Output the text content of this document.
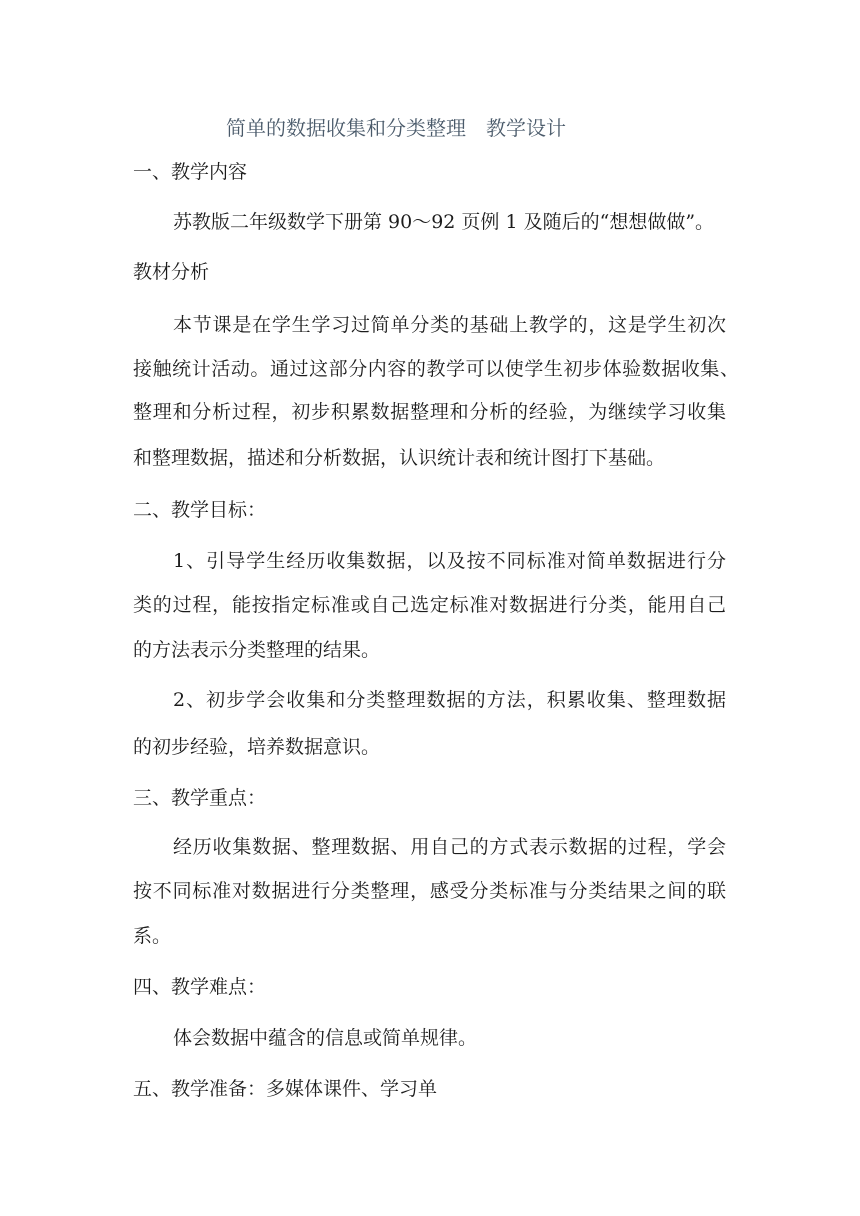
简单的数据收集和分类整理　教学设计
一、教学内容
苏教版二年级数学下册第 90～92 页例 1 及随后的“想想做做”。
教材分析
本节课是在学生学习过简单分类的基础上教学的，这是学生初次
接触统计活动。通过这部分内容的教学可以使学生初步体验数据收集、
整理和分析过程，初步积累数据整理和分析的经验，为继续学习收集
和整理数据，描述和分析数据，认识统计表和统计图打下基础。
二、教学目标：
1、引导学生经历收集数据，以及按不同标准对简单数据进行分
类的过程，能按指定标准或自己选定标准对数据进行分类，能用自己
的方法表示分类整理的结果。
2、初步学会收集和分类整理数据的方法，积累收集、整理数据
的初步经验，培养数据意识。
三、教学重点：
经历收集数据、整理数据、用自己的方式表示数据的过程，学会
按不同标准对数据进行分类整理，感受分类标准与分类结果之间的联
系。
四、教学难点：
体会数据中蕴含的信息或简单规律。
五、教学准备：多媒体课件、学习单
